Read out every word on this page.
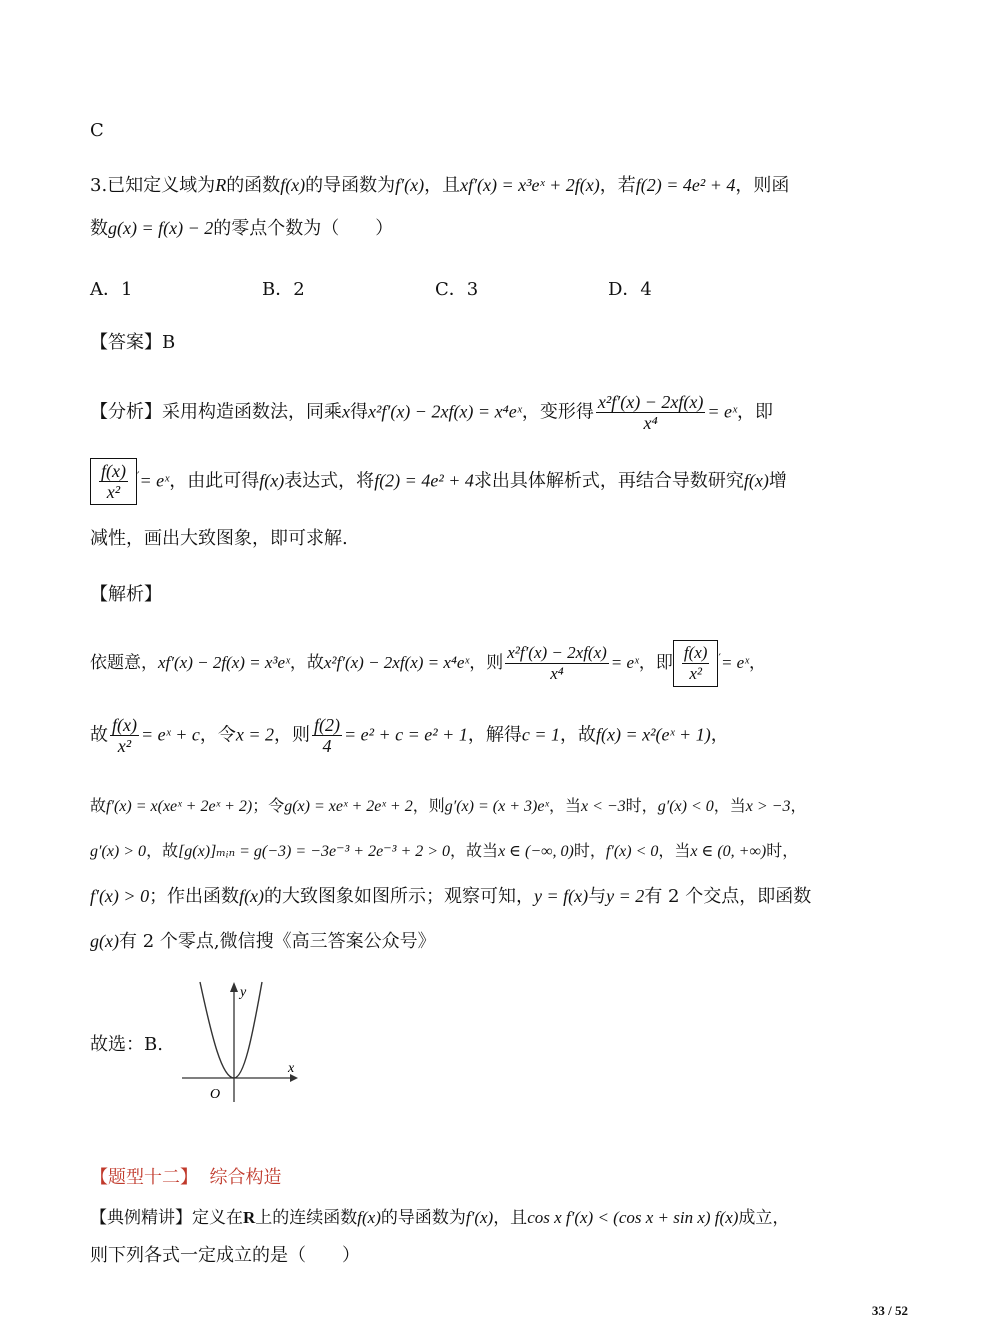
C
3.已知定义域为R的函数f(x)的导函数为f′(x)，且xf′(x) = x³eˣ + 2f(x)，若f(2) = 4e² + 4，则函
数g(x) = f(x) − 2的零点个数为（　　）
A．1	B．2	C．3	D．4
【答案】B
【分析】采用构造函数法，同乘x得x²f′(x) − 2xf(x) = x⁴eˣ，变形得 $\frac{\text{x²f′(x) − 2xf(x)}}{\text{x⁴}}$ = eˣ，即
$\frac{f(x)}{\text{x²}} '=$ eˣ，由此可得f(x)表达式，将f(2) = 4e² + 4求出具体解析式，再结合导数研究f(x)增
减性，画出大致图象，即可求解.
【解析】
依题意，xf′(x) − 2f(x) = x³eˣ，故x²f′(x) − 2xf(x) = x⁴eˣ，则 $\frac{\text{x²f′(x) − 2xf(x)}}{\text{x⁴}}$ = eˣ，即 $\frac{f(x)}{\text{x²}} '=$ eˣ，
故 $\frac{f(x)}{\text{x²}}$ = eˣ + c，令x = 2，则 $\frac{f(2)}{4} = e^2 + c = e^2 + 1$，解得c = 1，故f(x) = x²(eˣ + 1)，
故f′(x) = x(xeˣ + 2eˣ + 2)；令g(x) = xeˣ + 2eˣ + 2，则g′(x) = (x + 3)eˣ，当x < −3时，g′(x) < 0，当x > −3，
g′(x) > 0，故[g(x)]ₘᵢₙ = g(−3) = −3e⁻³ + 2e⁻³ + 2 > 0，故当x ∈ (−∞, 0)时，f′(x) < 0，当x ∈ (0, +∞)时，
f′(x) > 0；作出函数f(x)的大致图象如图所示；观察可知，y = f(x)与y = 2有 2 个交点，即函数
g(x)有 2 个零点,微信搜《高三答案公众号》
故选：B.
y
x
O
【题型十二】 综合构造
【典例精讲】定义在R上的连续函数f(x)的导函数为f′(x)，且cos x f′(x) < (cos x + sin x) f(x)成立，
则下列各式一定成立的是（　　）
33 / 52
